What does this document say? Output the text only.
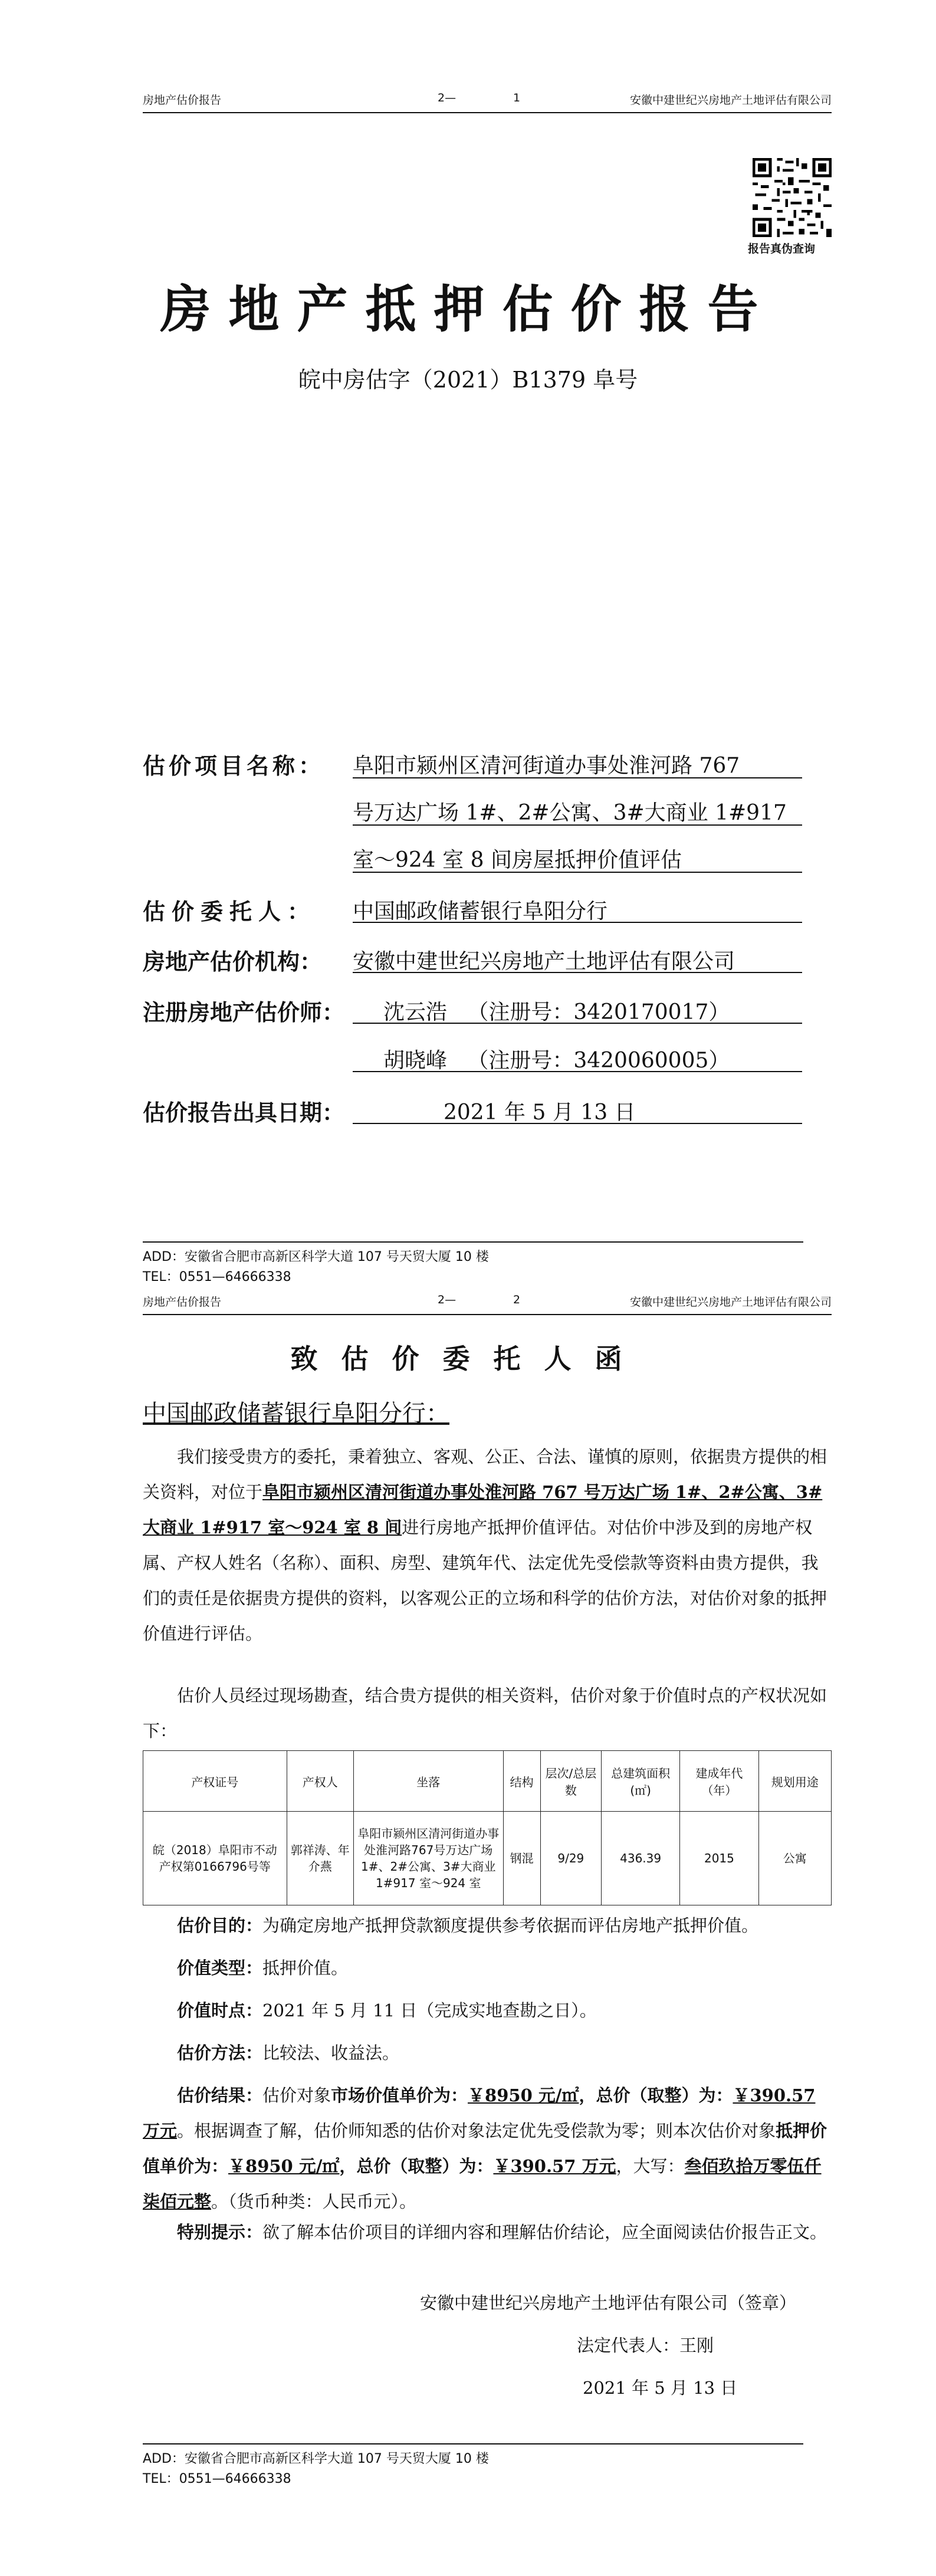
房地产估价报告	2—	1	安徽中建世纪兴房地产土地评估有限公司
报告真伪查询
房地产抵押估价报告
皖中房估字（2021）B1379 阜号
估价项目名称： 阜阳市颍州区清河街道办事处淮河路 767
号万达广场 1#、2#公寓、3#大商业 1#917
室～924 室 8 间房屋抵押价值评估
估价委托人： 中国邮政储蓄银行阜阳分行
房地产估价机构： 安徽中建世纪兴房地产土地评估有限公司
注册房地产估价师： 沈云浩   （注册号：3420170017）
胡晓峰   （注册号：3420060005）
估价报告出具日期：	2021 年 5 月 13 日
ADD：安徽省合肥市高新区科学大道 107 号天贸大厦 10 楼
TEL：0551—64666338
房地产估价报告	2—	2	安徽中建世纪兴房地产土地评估有限公司
致估价委托人函
中国邮政储蓄银行阜阳分行：

我们接受贵方的委托，秉着独立、客观、公正、合法、谨慎的原则，依据贵方提供的相关资料，对位于阜阳市颍州区清河街道办事处淮河路 767 号万达广场 1#、2#公寓、3#大商业 1#917 室～924 室 8 间进行房地产抵押价值评估。对估价中涉及到的房地产权属、产权人姓名（名称）、面积、房型、建筑年代、法定优先受偿款等资料由贵方提供，我们的责任是依据贵方提供的资料，以客观公正的立场和科学的估价方法，对估价对象的抵押价值进行评估。

估价人员经过现场勘查，结合贵方提供的相关资料，估价对象于价值时点的产权状况如下：

产权证号	产权人	坐落	结构	层次/总层数	总建筑面积(㎡)	建成年代（年）	规划用途
皖（2018）阜阳市不动产权第0166796号等	郭祥涛、年介燕	阜阳市颍州区清河街道办事处淮河路767号万达广场 1#、2#公寓、3#大商业1#917 室～924 室	钢混	9/29	436.39	2015	公寓

估价目的：为确定房地产抵押贷款额度提供参考依据而评估房地产抵押价值。

价值类型：抵押价值。

价值时点：2021 年 5 月 11 日（完成实地查勘之日）。

估价方法：比较法、收益法。

估价结果：估价对象市场价值单价为：￥8950 元/㎡，总价（取整）为：￥390.57 万元。根据调查了解，估价师知悉的估价对象法定优先受偿款为零；则本次估价对象抵押价值单价为：￥8950 元/㎡，总价（取整）为：￥390.57 万元，大写：叁佰玖拾万零伍仟柒佰元整。（货币种类：人民币元）。

特别提示：欲了解本估价项目的详细内容和理解估价结论，应全面阅读估价报告正文。

安徽中建世纪兴房地产土地评估有限公司（签章）
法定代表人：王刚
2021 年 5 月 13 日
ADD：安徽省合肥市高新区科学大道 107 号天贸大厦 10 楼
TEL：0551—64666338
